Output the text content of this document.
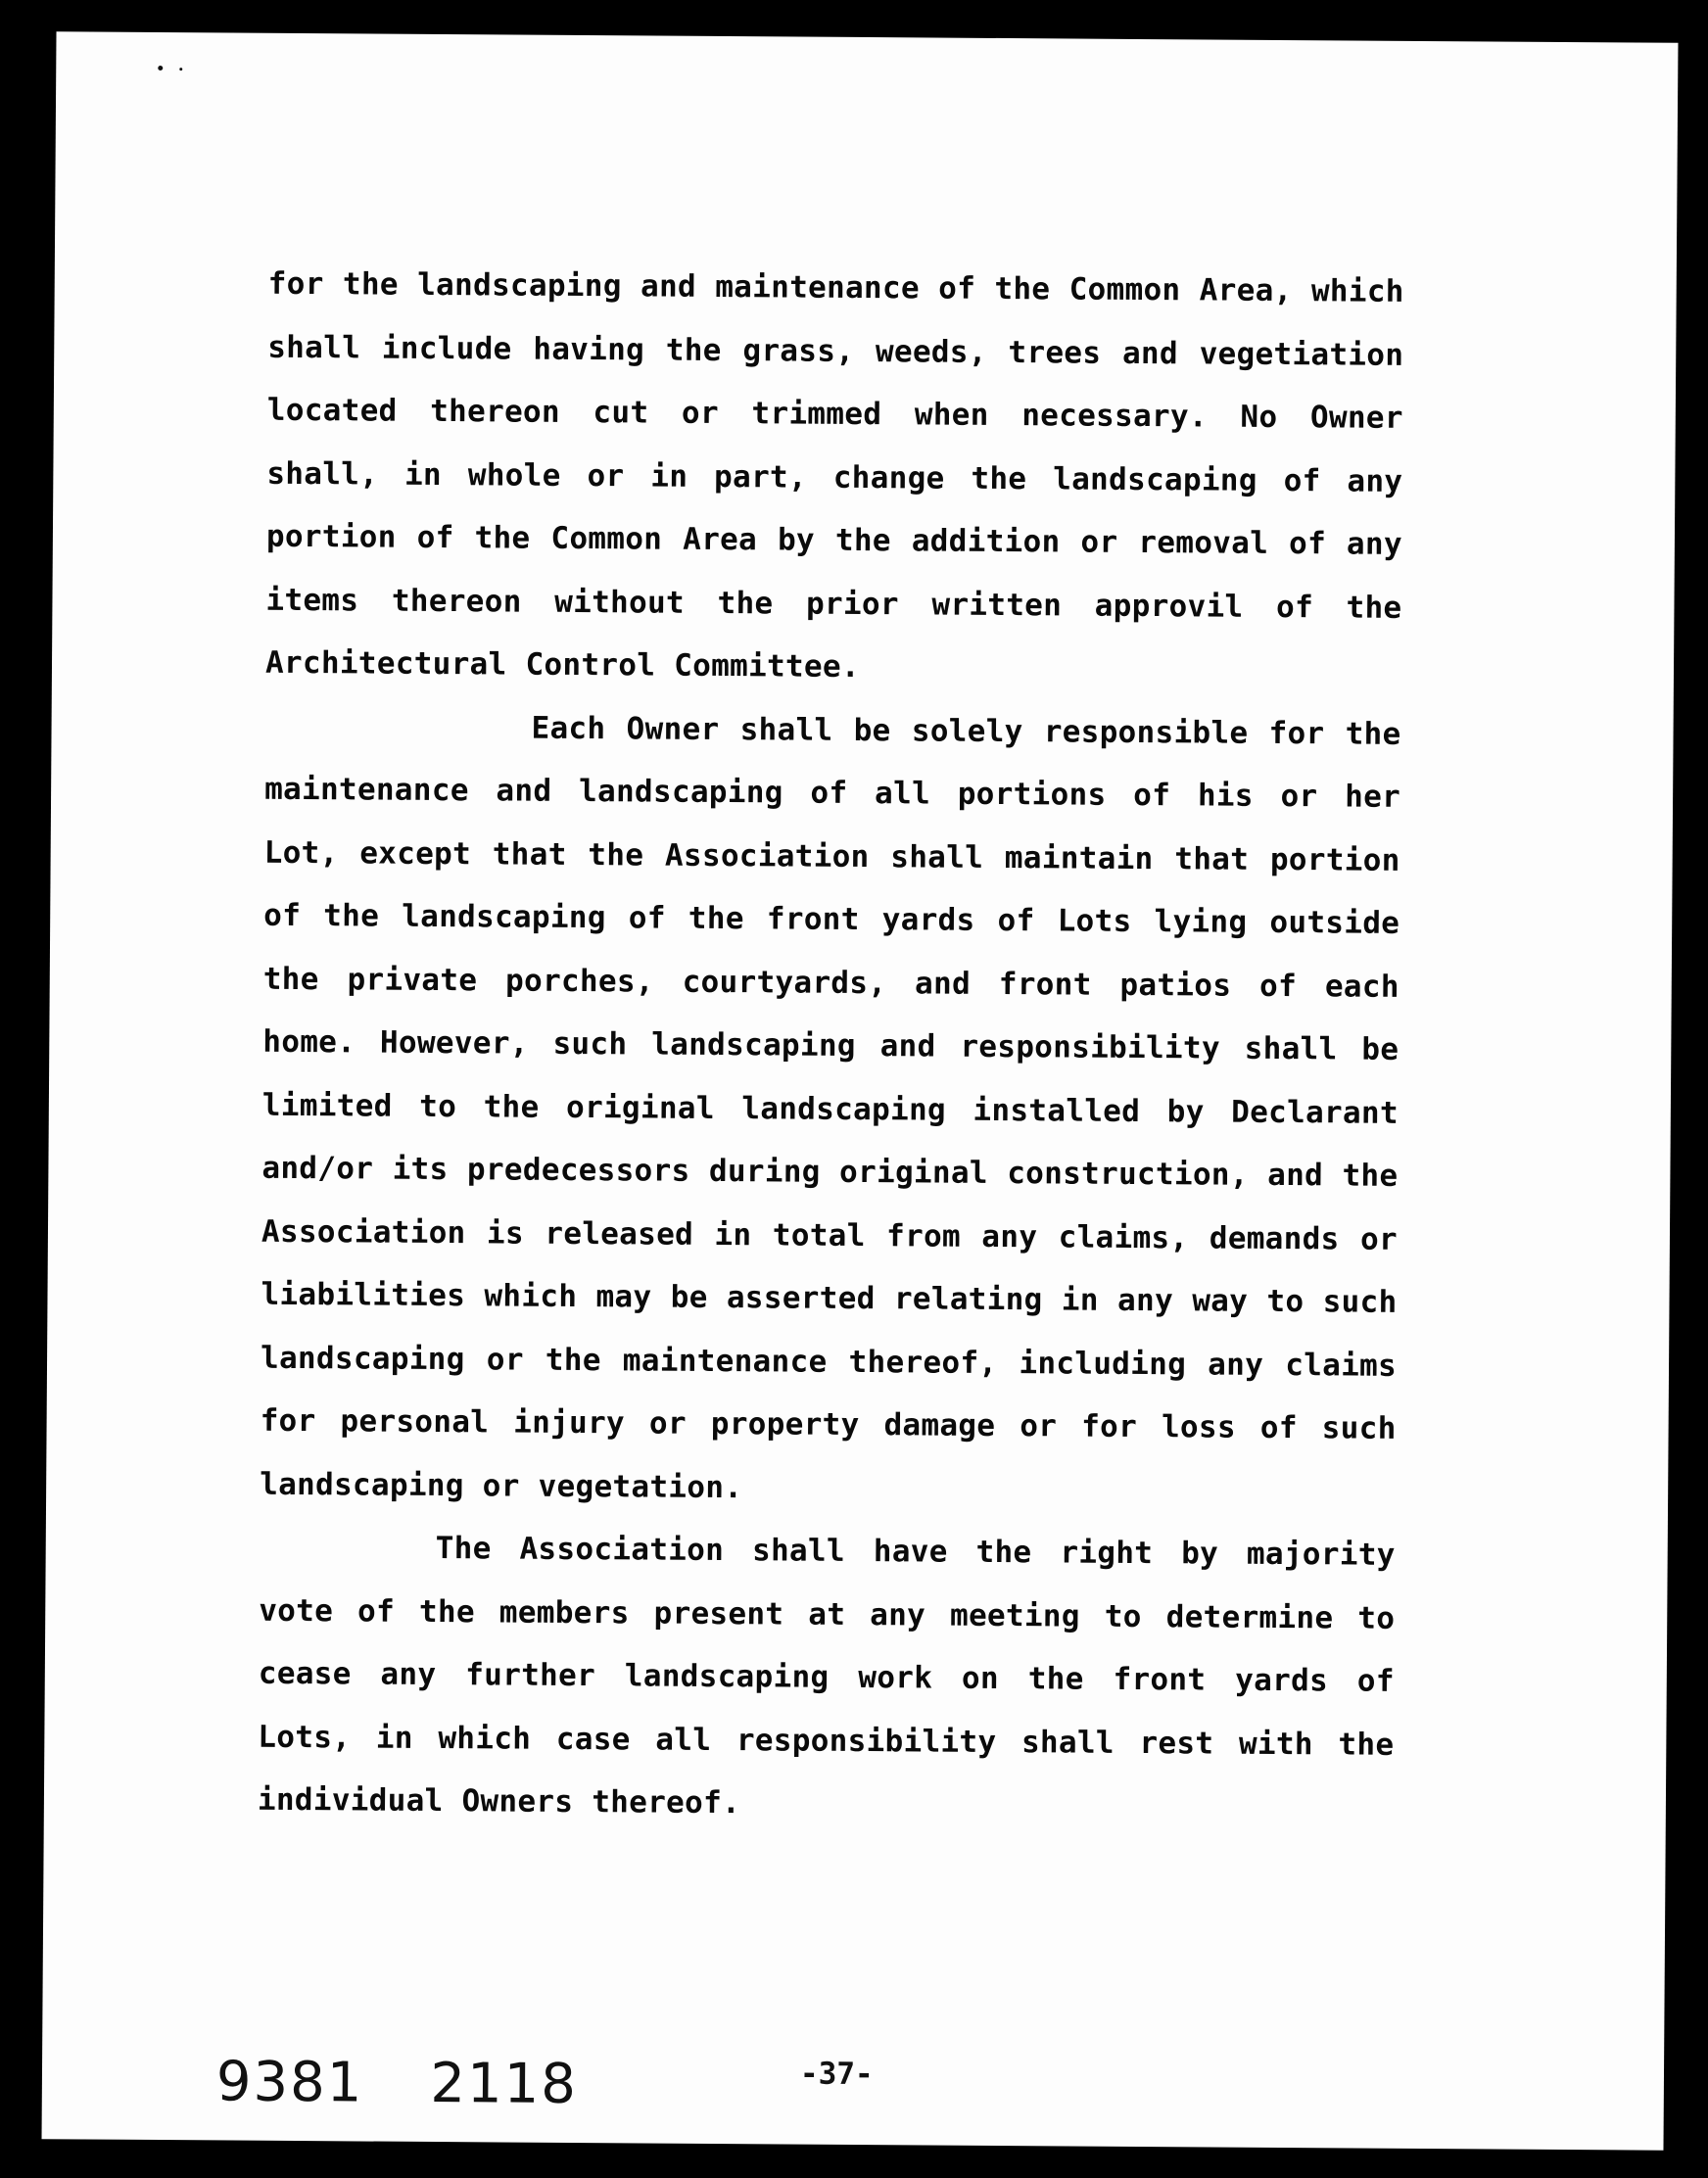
for the landscaping and maintenance of the Common Area, which shall include having the grass, weeds, trees and vegetiation located thereon cut or trimmed when necessary. No Owner shall, in whole or in part, change the landscaping of any portion of the Common Area by the addition or removal of any items thereon without the prior written approvil of the Architectural Control Committee.

Each Owner shall be solely responsible for the maintenance and landscaping of all portions of his or her Lot, except that the Association shall maintain that portion of the landscaping of the front yards of Lots lying outside the private porches, courtyards, and front patios of each home. However, such landscaping and responsibility shall be limited to the original landscaping installed by Declarant and/or its predecessors during original construction, and the Association is released in total from any claims, demands or liabilities which may be asserted relating in any way to such landscaping or the maintenance thereof, including any claims for personal injury or property damage or for loss of such landscaping or vegetation.

The Association shall have the right by majority vote of the members present at any meeting to determine to cease any further landscaping work on the front yards of Lots, in which case all responsibility shall rest with the individual Owners thereof.

9381 2118	-37-
